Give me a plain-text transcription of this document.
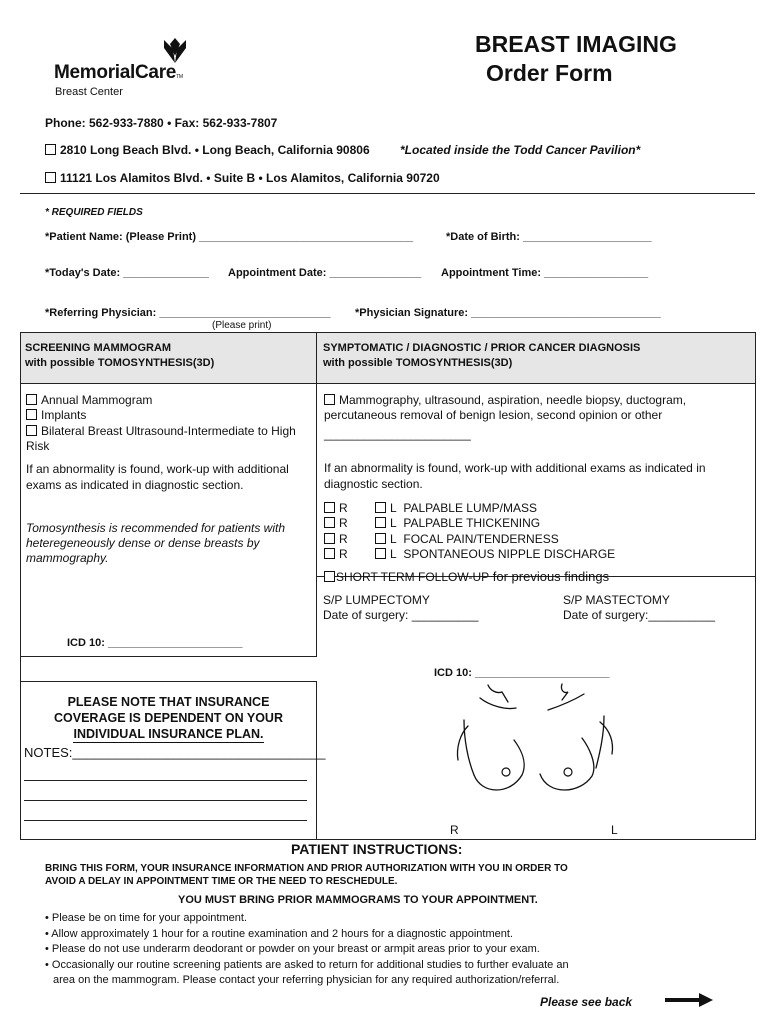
MemorialCareTM
Breast Center
BREAST IMAGING
Order Form
Phone: 562-933-7880 • Fax: 562-933-7807
2810 Long Beach Blvd. • Long Beach, California 90806	*Located inside the Todd Cancer Pavilion*
11121 Los Alamitos Blvd. • Suite B • Los Alamitos, California 90720
* REQUIRED FIELDS
*Patient Name: (Please Print) ___________________________________	*Date of Birth: _____________________
*Today's Date: ______________ Appointment Date: _______________ Appointment Time: _________________
*Referring Physician: ____________________________
(Please print)
*Physician Signature: _______________________________
SCREENING MAMMOGRAM
with possible TOMOSYNTHESIS(3D)
SYMPTOMATIC / DIAGNOSTIC / PRIOR CANCER DIAGNOSIS
with possible TOMOSYNTHESIS(3D)
Annual Mammogram
Implants
Bilateral Breast Ultrasound-Intermediate to High
Risk
If an abnormality is found, work-up with additional
exams as indicated in diagnostic section.
Tomosynthesis is recommended for patients with
heteregeneously dense or dense breasts by
mammography.
ICD 10: ______________________
Mammography, ultrasound, aspiration, needle biopsy, ductogram,
percutaneous removal of benign lesion, second opinion or other
______________________
If an abnormality is found, work-up with additional exams as indicated in
diagnostic section.
R	L PALPABLE LUMP/MASS
R	L PALPABLE THICKENING
R	L FOCAL PAIN/TENDERNESS
R	L SPONTANEOUS NIPPLE DISCHARGE
SHORT TERM FOLLOW-UP for previous findings
S/P LUMPECTOMY
Date of surgery: __________
S/P MASTECTOMY
Date of surgery:__________
ICD 10: ______________________
R	L
PLEASE NOTE THAT INSURANCE
COVERAGE IS DEPENDENT ON YOUR
INDIVIDUAL INSURANCE PLAN.
NOTES:___________________________________
PATIENT INSTRUCTIONS:
BRING THIS FORM, YOUR INSURANCE INFORMATION AND PRIOR AUTHORIZATION WITH YOU IN ORDER TO
AVOID A DELAY IN APPOINTMENT TIME OR THE NEED TO RESCHEDULE.
YOU MUST BRING PRIOR MAMMOGRAMS TO YOUR APPOINTMENT.
• Please be on time for your appointment.
• Allow approximately 1 hour for a routine examination and 2 hours for a diagnostic appointment.
• Please do not use underarm deodorant or powder on your breast or armpit areas prior to your exam.
• Occasionally our routine screening patients are asked to return for additional studies to further evaluate an
area on the mammogram. Please contact your referring physician for any required authorization/referral.
Please see back
